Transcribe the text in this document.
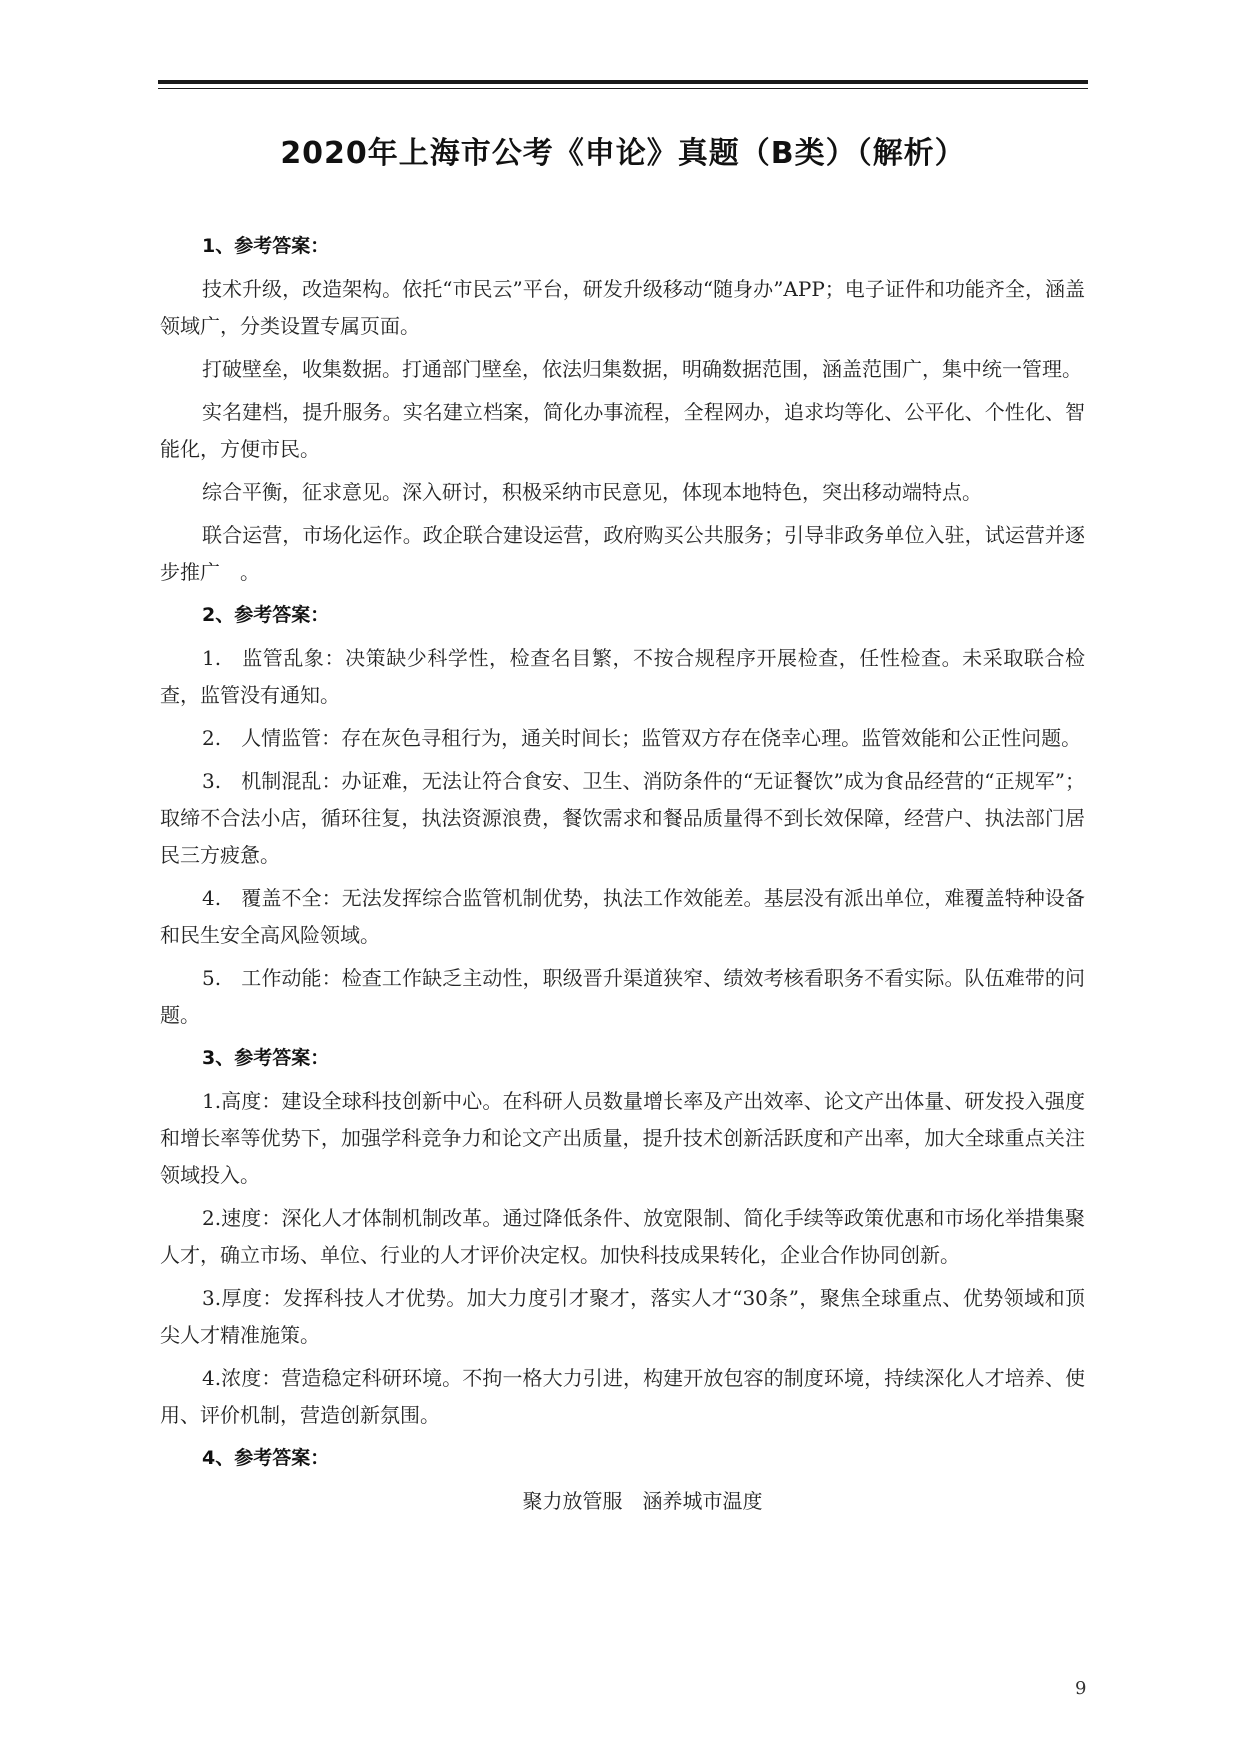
2020年上海市公考《申论》真题（B类）（解析）

1、参考答案：

技术升级，改造架构。依托“市民云”平台，研发升级移动“随身办”APP；电子证件和功能齐全，涵盖领域广，分类设置专属页面。

打破壁垒，收集数据。打通部门壁垒，依法归集数据，明确数据范围，涵盖范围广，集中统一管理。

实名建档，提升服务。实名建立档案，简化办事流程，全程网办，追求均等化、公平化、个性化、智能化，方便市民。

综合平衡，征求意见。深入研讨，积极采纳市民意见，体现本地特色，突出移动端特点。

联合运营，市场化运作。政企联合建设运营，政府购买公共服务；引导非政务单位入驻，试运营并逐步推广　。

2、参考答案：

1.　监管乱象：决策缺少科学性，检查名目繁，不按合规程序开展检查，任性检查。未采取联合检查，监管没有通知。

2.　人情监管：存在灰色寻租行为，通关时间长；监管双方存在侥幸心理。监管效能和公正性问题。

3.　机制混乱：办证难，无法让符合食安、卫生、消防条件的“无证餐饮”成为食品经营的“正规军”；取缔不合法小店，循环往复，执法资源浪费，餐饮需求和餐品质量得不到长效保障，经营户、执法部门居民三方疲惫。

4.　覆盖不全：无法发挥综合监管机制优势，执法工作效能差。基层没有派出单位，难覆盖特种设备和民生安全高风险领域。

5.　工作动能：检查工作缺乏主动性，职级晋升渠道狭窄、绩效考核看职务不看实际。队伍难带的问题。

3、参考答案：

1.高度：建设全球科技创新中心。在科研人员数量增长率及产出效率、论文产出体量、研发投入强度和增长率等优势下，加强学科竞争力和论文产出质量，提升技术创新活跃度和产出率，加大全球重点关注领域投入。

2.速度：深化人才体制机制改革。通过降低条件、放宽限制、简化手续等政策优惠和市场化举措集聚人才，确立市场、单位、行业的人才评价决定权。加快科技成果转化，企业合作协同创新。

3.厚度：发挥科技人才优势。加大力度引才聚才，落实人才“30条”，聚焦全球重点、优势领域和顶尖人才精准施策。

4.浓度：营造稳定科研环境。不拘一格大力引进，构建开放包容的制度环境，持续深化人才培养、使用、评价机制，营造创新氛围。

4、参考答案：

聚力放管服　涵养城市温度

9
